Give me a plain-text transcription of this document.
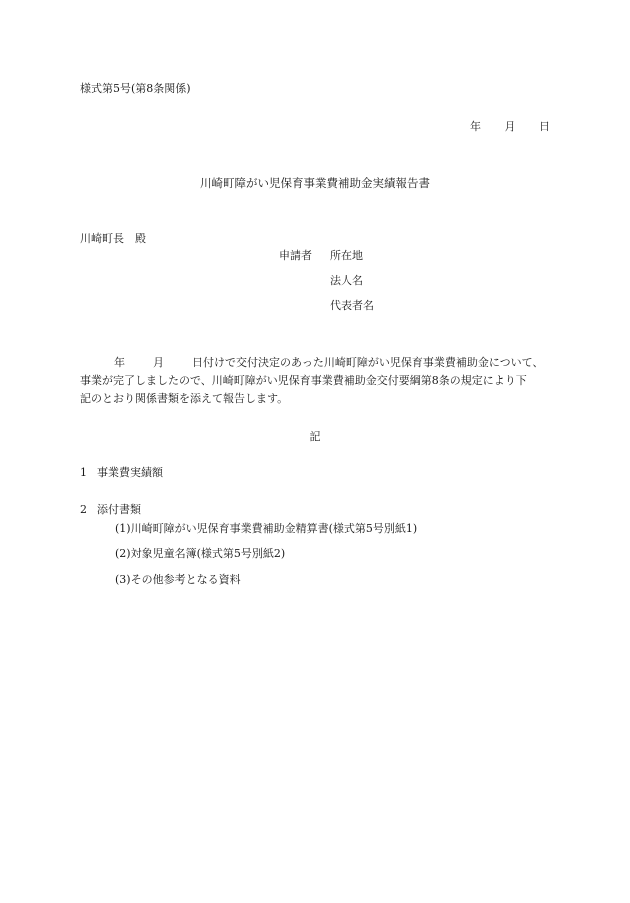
様式第5号(第8条関係)
年 月 日
川崎町障がい児保育事業費補助金実績報告書
川崎町長　殿
申請者 所在地
法人名
代表者名
年	月	日付けで交付決定のあった川崎町障がい児保育事業費補助金について、
事業が完了しましたので、川崎町障がい児保育事業費補助金交付要綱第8条の規定により下
記のとおり関係書類を添えて報告します。
記
1 事業費実績額
2 添付書類
(1)川崎町障がい児保育事業費補助金精算書(様式第5号別紙1)
(2)対象児童名簿(様式第5号別紙2)
(3)その他参考となる資料
